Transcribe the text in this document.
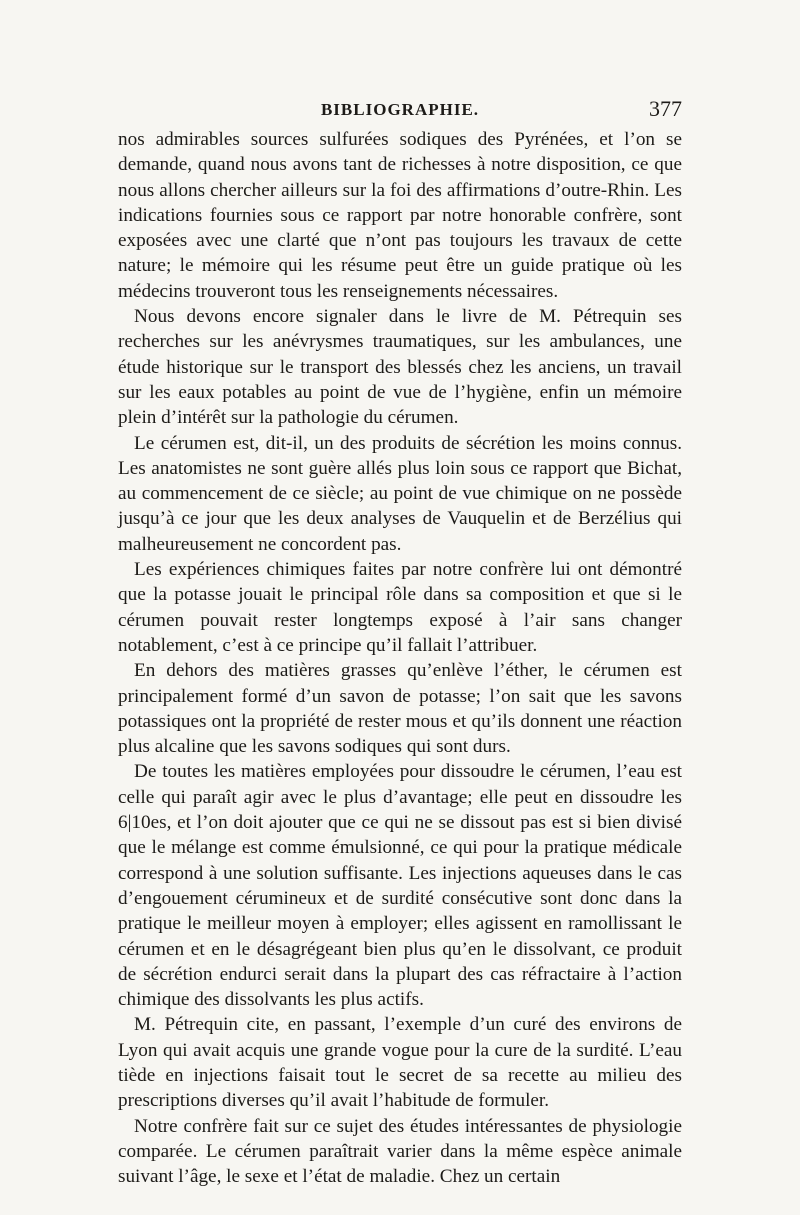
BIBLIOGRAPHIE.	377

nos admirables sources sulfurées sodiques des Pyrénées, et l’on se demande, quand nous avons tant de richesses à notre disposition, ce que nous allons chercher ailleurs sur la foi des affirmations d’outre-Rhin. Les indications fournies sous ce rapport par notre honorable confrère, sont exposées avec une clarté que n’ont pas toujours les travaux de cette nature; le mémoire qui les résume peut être un guide pratique où les médecins trouveront tous les renseignements nécessaires.

Nous devons encore signaler dans le livre de M. Pétrequin ses recherches sur les anévrysmes traumatiques, sur les ambulances, une étude historique sur le transport des blessés chez les anciens, un travail sur les eaux potables au point de vue de l’hygiène, enfin un mémoire plein d’intérêt sur la pathologie du cérumen.

Le cérumen est, dit-il, un des produits de sécrétion les moins connus. Les anatomistes ne sont guère allés plus loin sous ce rapport que Bichat, au commencement de ce siècle; au point de vue chimique on ne possède jusqu’à ce jour que les deux analyses de Vauquelin et de Berzélius qui malheureusement ne concordent pas.

Les expériences chimiques faites par notre confrère lui ont démontré que la potasse jouait le principal rôle dans sa composition et que si le cérumen pouvait rester longtemps exposé à l’air sans changer notablement, c’est à ce principe qu’il fallait l’attribuer.

En dehors des matières grasses qu’enlève l’éther, le cérumen est principalement formé d’un savon de potasse; l’on sait que les savons potassiques ont la propriété de rester mous et qu’ils donnent une réaction plus alcaline que les savons sodiques qui sont durs.

De toutes les matières employées pour dissoudre le cérumen, l’eau est celle qui paraît agir avec le plus d’avantage; elle peut en dissoudre les 6|10es, et l’on doit ajouter que ce qui ne se dissout pas est si bien divisé que le mélange est comme émulsionné, ce qui pour la pratique médicale correspond à une solution suffisante. Les injections aqueuses dans le cas d’engouement cérumineux et de surdité consécutive sont donc dans la pratique le meilleur moyen à employer; elles agissent en ramollissant le cérumen et en le désagrégeant bien plus qu’en le dissolvant, ce produit de sécrétion endurci serait dans la plupart des cas réfractaire à l’action chimique des dissolvants les plus actifs.

M. Pétrequin cite, en passant, l’exemple d’un curé des environs de Lyon qui avait acquis une grande vogue pour la cure de la surdité. L’eau tiède en injections faisait tout le secret de sa recette au milieu des prescriptions diverses qu’il avait l’habitude de formuler.

Notre confrère fait sur ce sujet des études intéressantes de physiologie comparée. Le cérumen paraîtrait varier dans la même espèce animale suivant l’âge, le sexe et l’état de maladie. Chez un certain
